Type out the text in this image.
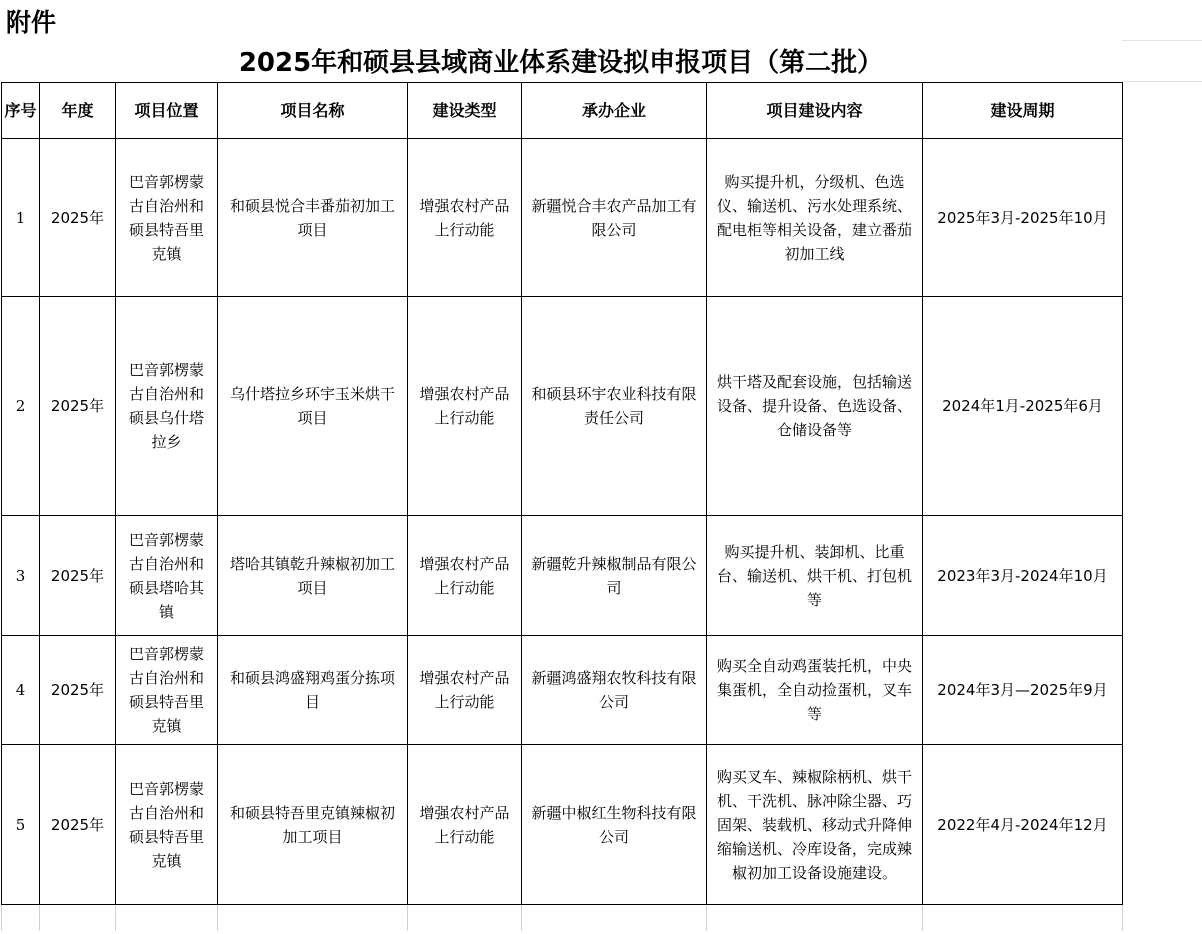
附件
2025年和硕县县域商业体系建设拟申报项目（第二批）
序号	年度	项目位置	项目名称	建设类型	承办企业	项目建设内容	建设周期
1	2025年	巴音郭楞蒙古自治州和硕县特吾里克镇	和硕县悦合丰番茄初加工项目	增强农村产品上行动能	新疆悦合丰农产品加工有限公司	购买提升机，分级机、色选仪、输送机、污水处理系统、配电柜等相关设备，建立番茄初加工线	2025年3月-2025年10月
2	2025年	巴音郭楞蒙古自治州和硕县乌什塔拉乡	乌什塔拉乡环宇玉米烘干项目	增强农村产品上行动能	和硕县环宇农业科技有限责任公司	烘干塔及配套设施，包括输送设备、提升设备、色选设备、仓储设备等	2024年1月-2025年6月
3	2025年	巴音郭楞蒙古自治州和硕县塔哈其镇	塔哈其镇乾升辣椒初加工项目	增强农村产品上行动能	新疆乾升辣椒制品有限公司	购买提升机、装卸机、比重台、输送机、烘干机、打包机等	2023年3月-2024年10月
4	2025年	巴音郭楞蒙古自治州和硕县特吾里克镇	和硕县鸿盛翔鸡蛋分拣项目	增强农村产品上行动能	新疆鸿盛翔农牧科技有限公司	购买全自动鸡蛋装托机，中央集蛋机，全自动捡蛋机，叉车等	2024年3月—2025年9月
5	2025年	巴音郭楞蒙古自治州和硕县特吾里克镇	和硕县特吾里克镇辣椒初加工项目	增强农村产品上行动能	新疆中椒红生物科技有限公司	购买叉车、辣椒除柄机、烘干机、干洗机、脉冲除尘器、巧固架、装载机、移动式升降伸缩输送机、冷库设备，完成辣椒初加工设备设施建设。	2022年4月-2024年12月
